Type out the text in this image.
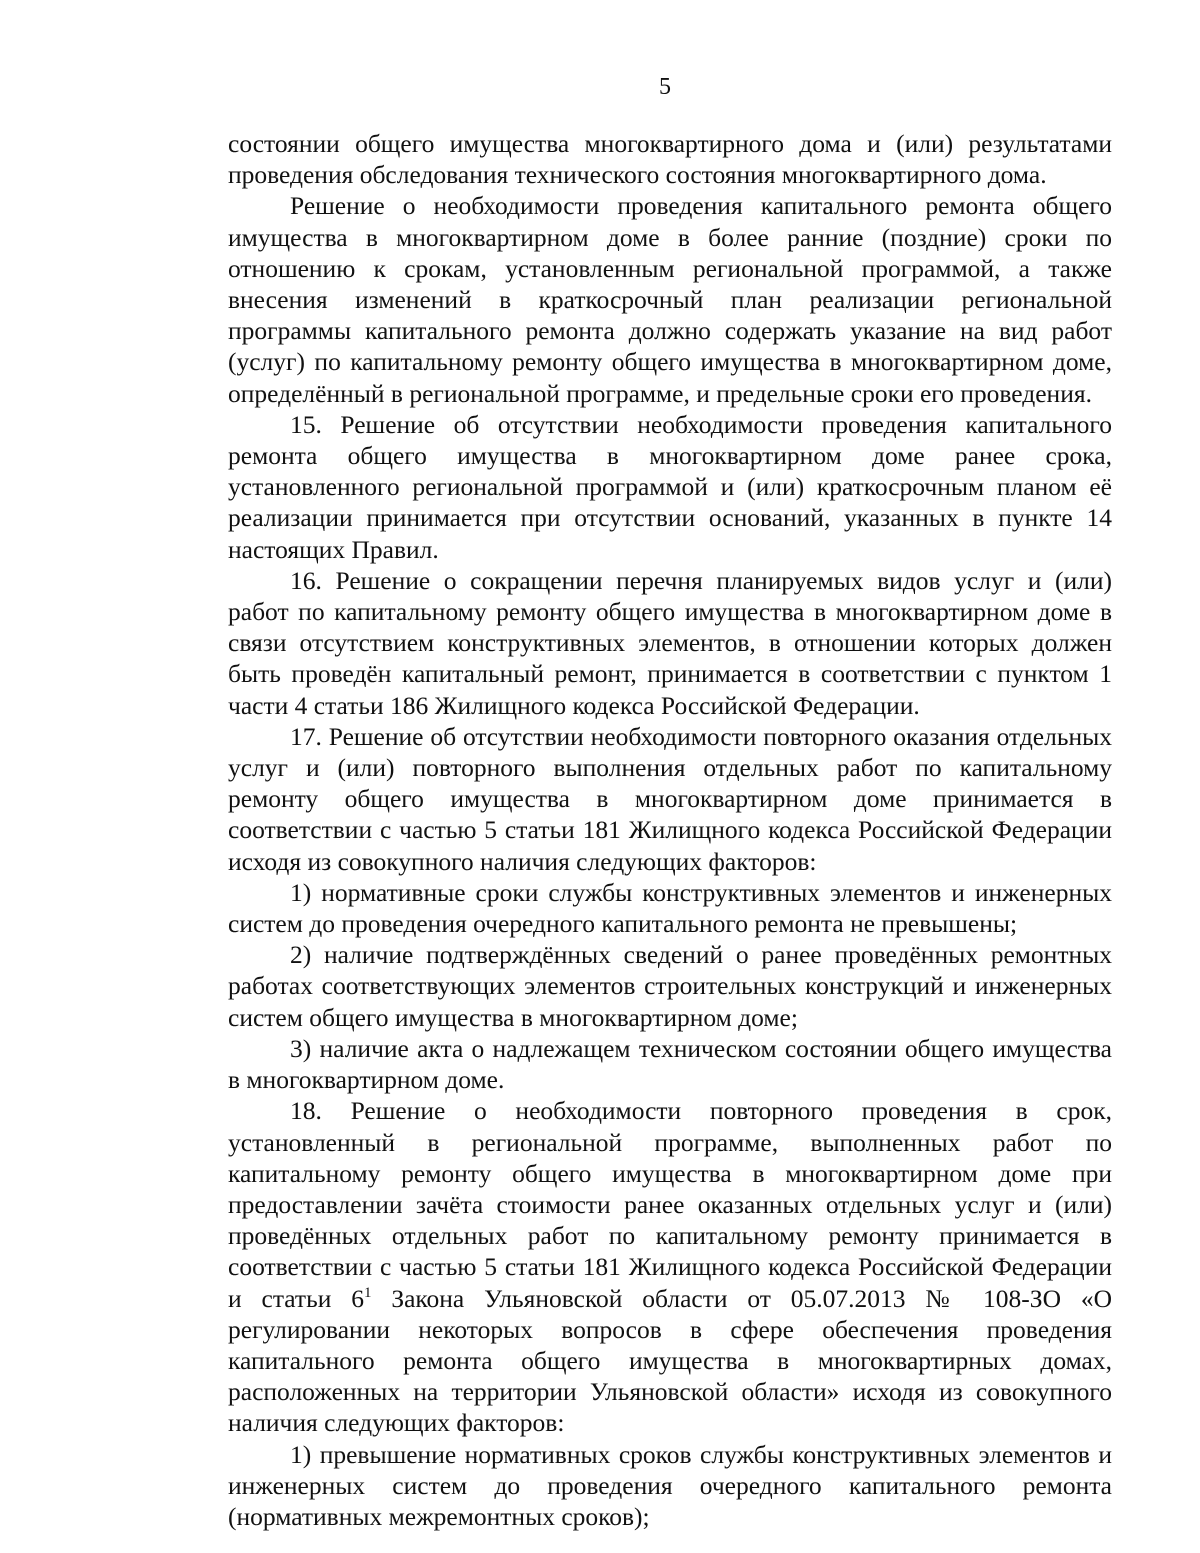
5

состоянии общего имущества многоквартирного дома и (или) результатами проведения обследования технического состояния многоквартирного дома.

Решение о необходимости проведения капитального ремонта общего имущества в многоквартирном доме в более ранние (поздние) сроки по отношению к срокам, установленным региональной программой, а также внесения изменений в краткосрочный план реализации региональной программы капитального ремонта должно содержать указание на вид работ (услуг) по капитальному ремонту общего имущества в многоквартирном доме, определённый в региональной программе, и предельные сроки его проведения.

15. Решение об отсутствии необходимости проведения капитального ремонта общего имущества в многоквартирном доме ранее срока, установленного региональной программой и (или) краткосрочным планом её реализации принимается при отсутствии оснований, указанных в пункте 14 настоящих Правил.

16. Решение о сокращении перечня планируемых видов услуг и (или) работ по капитальному ремонту общего имущества в многоквартирном доме в связи отсутствием конструктивных элементов, в отношении которых должен быть проведён капитальный ремонт, принимается в соответствии с пунктом 1 части 4 статьи 186 Жилищного кодекса Российской Федерации.

17. Решение об отсутствии необходимости повторного оказания отдельных услуг и (или) повторного выполнения отдельных работ по капитальному ремонту общего имущества в многоквартирном доме принимается в соответствии с частью 5 статьи 181 Жилищного кодекса Российской Федерации исходя из совокупного наличия следующих факторов:

1) нормативные сроки службы конструктивных элементов и инженерных систем до проведения очередного капитального ремонта не превышены;

2) наличие подтверждённых сведений о ранее проведённых ремонтных работах соответствующих элементов строительных конструкций и инженерных систем общего имущества в многоквартирном доме;

3) наличие акта о надлежащем техническом состоянии общего имущества в многоквартирном доме.

18. Решение о необходимости повторного проведения в срок, установленный в региональной программе, выполненных работ по капитальному ремонту общего имущества в многоквартирном доме при предоставлении зачёта стоимости ранее оказанных отдельных услуг и (или) проведённых отдельных работ по капитальному ремонту принимается в соответствии с частью 5 статьи 181 Жилищного кодекса Российской Федерации и статьи $6^1$ Закона Ульяновской области от 05.07.2013 № 108-ЗО «О регулировании некоторых вопросов в сфере обеспечения проведения капитального ремонта общего имущества в многоквартирных домах, расположенных на территории Ульяновской области» исходя из совокупного наличия следующих факторов:

1) превышение нормативных сроков службы конструктивных элементов и инженерных систем до проведения очередного капитального ремонта (нормативных межремонтных сроков);
